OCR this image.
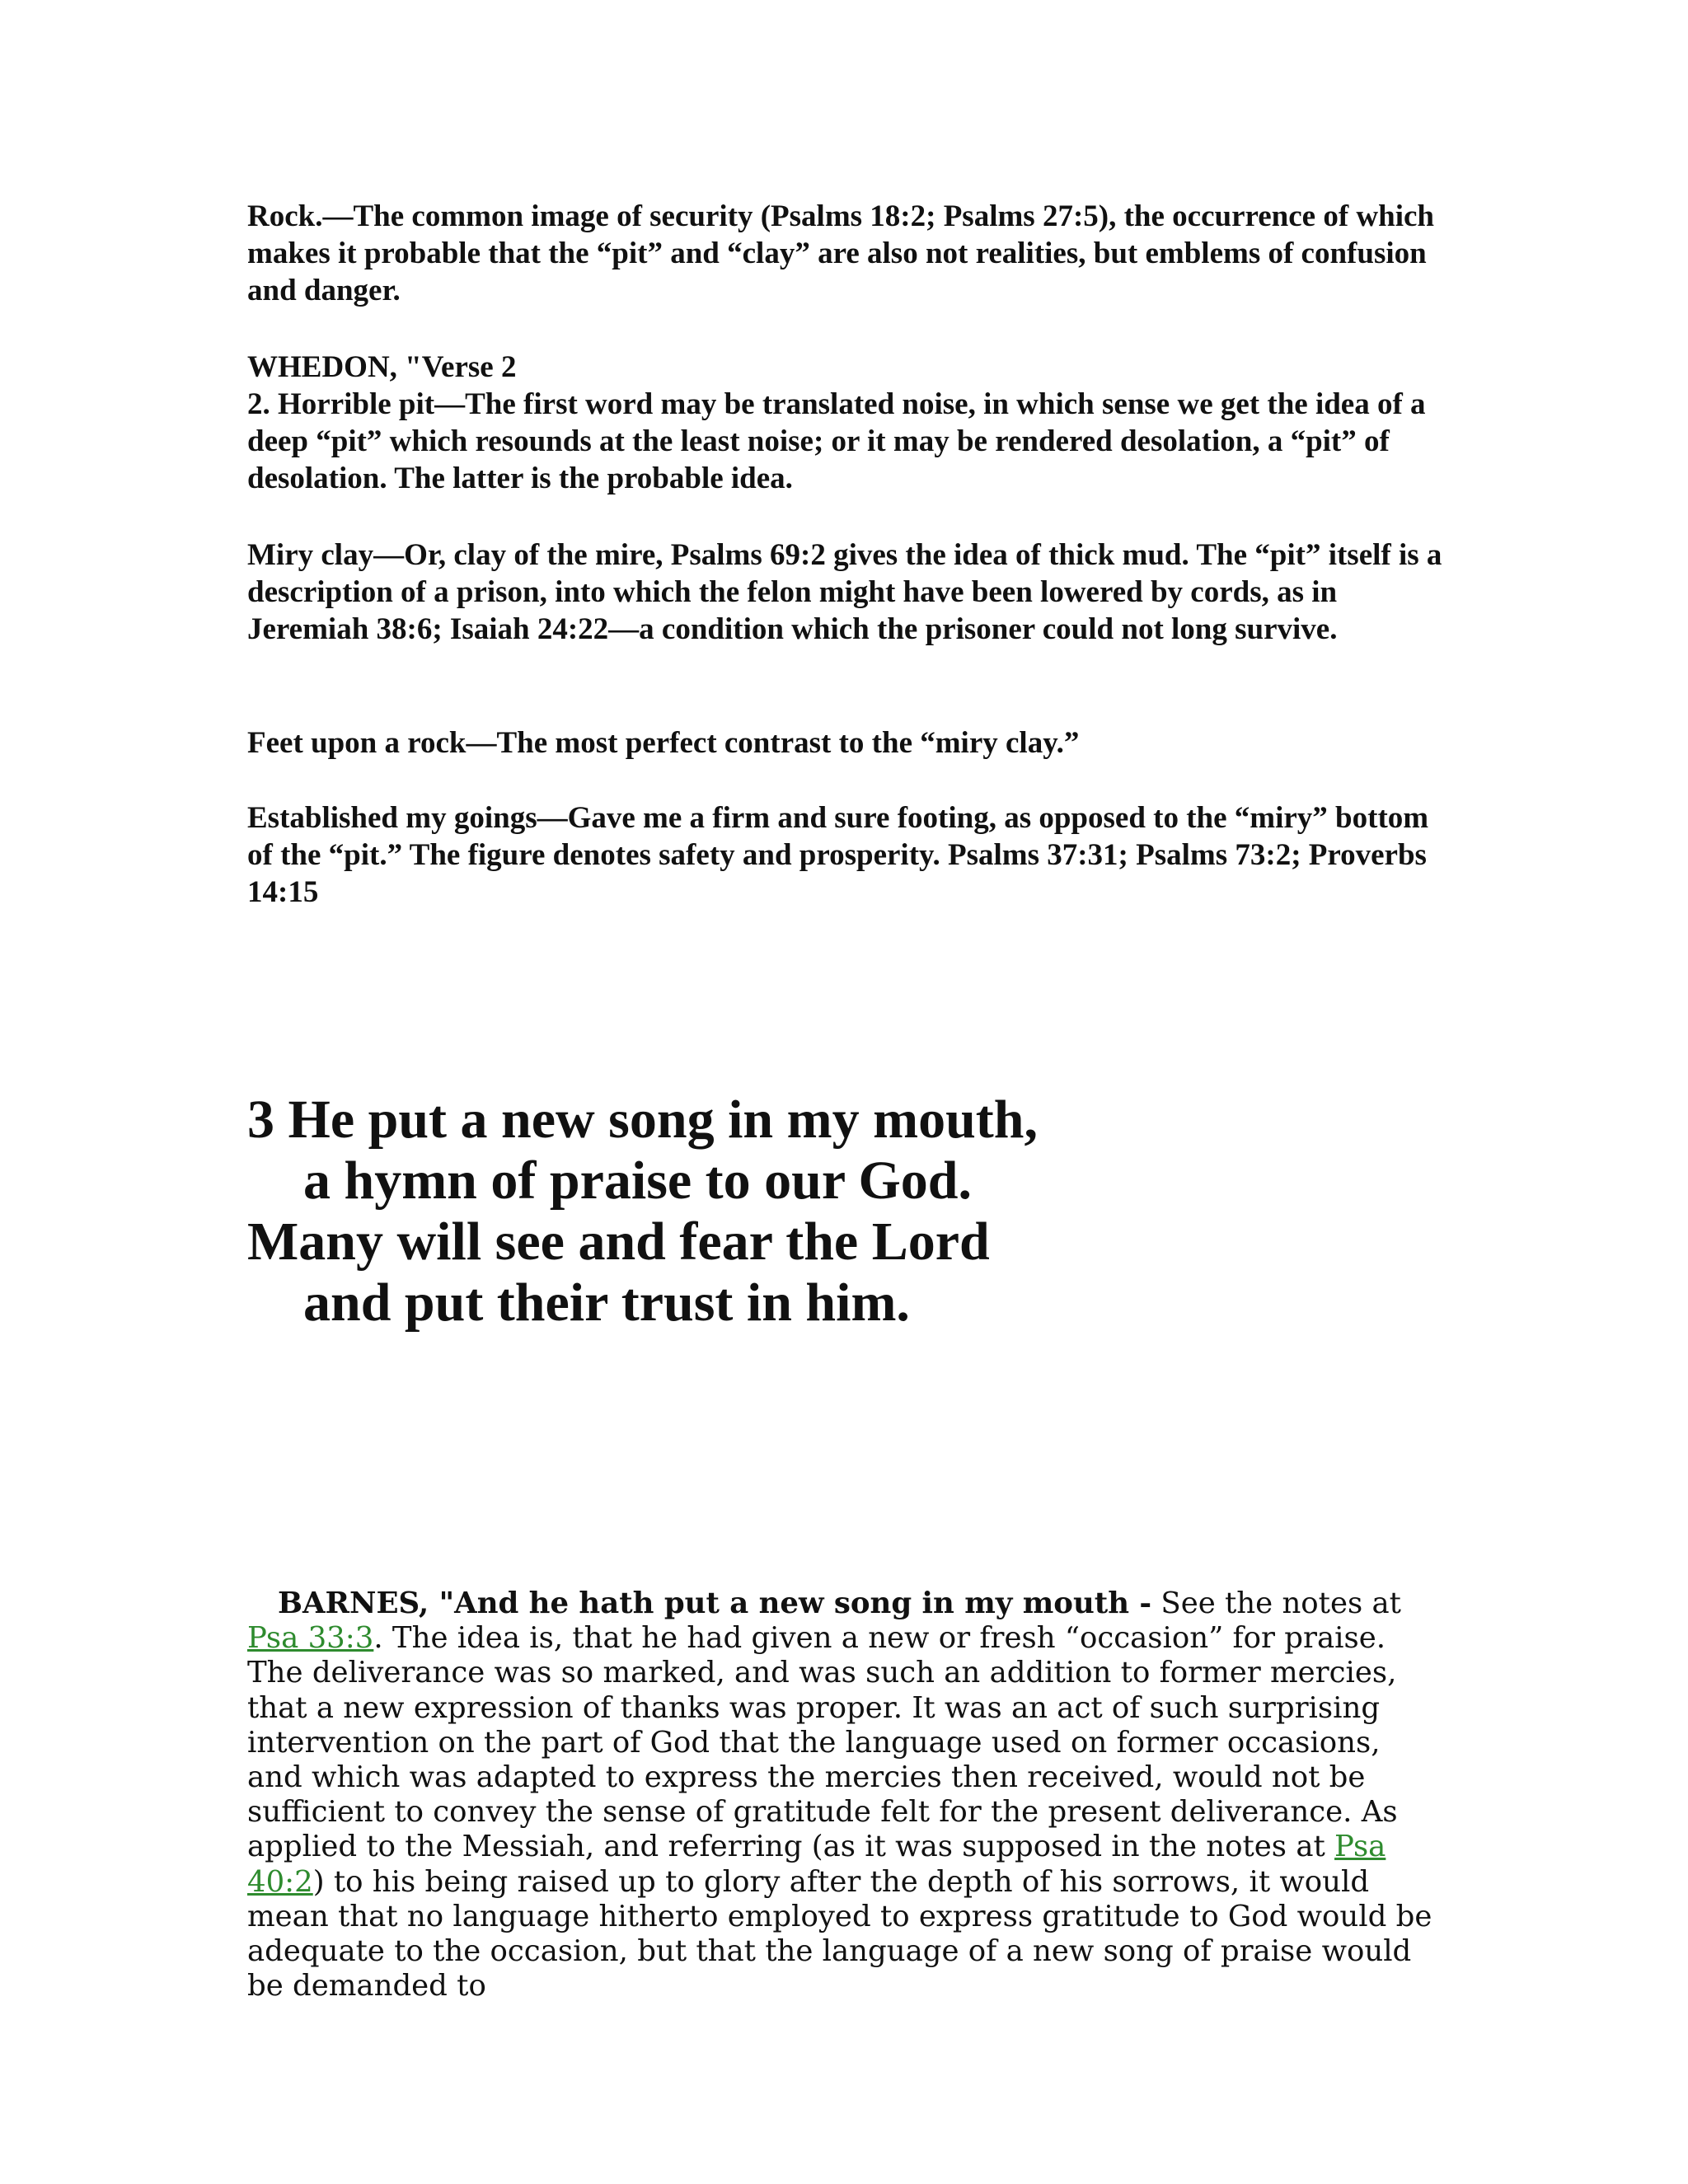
Rock.—The common image of security (Psalms 18:2; Psalms 27:5), the occurrence of which makes it probable that the “pit” and “clay” are also not realities, but emblems of confusion and danger.

WHEDON, "Verse 2
2. Horrible pit—The first word may be translated noise, in which sense we get the idea of a deep “pit” which resounds at the least noise; or it may be rendered desolation, a “pit” of desolation. The latter is the probable idea.

Miry clay—Or, clay of the mire, Psalms 69:2 gives the idea of thick mud. The “pit” itself is a description of a prison, into which the felon might have been lowered by cords, as in Jeremiah 38:6; Isaiah 24:22—a condition which the prisoner could not long survive.

Feet upon a rock—The most perfect contrast to the “miry clay.”

Established my goings—Gave me a firm and sure footing, as opposed to the “miry” bottom of the “pit.” The figure denotes safety and prosperity. Psalms 37:31; Psalms 73:2; Proverbs 14:15

3 He put a new song in my mouth,
a hymn of praise to our God.
Many will see and fear the Lord
and put their trust in him.

BARNES, "And he hath put a new song in my mouth - See the notes at Psa 33:3. The idea is, that he had given a new or fresh “occasion” for praise. The deliverance was so marked, and was such an addition to former mercies, that a new expression of thanks was proper. It was an act of such surprising intervention on the part of God that the language used on former occasions, and which was adapted to express the mercies then received, would not be sufficient to convey the sense of gratitude felt for the present deliverance. As applied to the Messiah, and referring (as it was supposed in the notes at Psa 40:2) to his being raised up to glory after the depth of his sorrows, it would mean that no language hitherto employed to express gratitude to God would be adequate to the occasion, but that the language of a new song of praise would be demanded to
